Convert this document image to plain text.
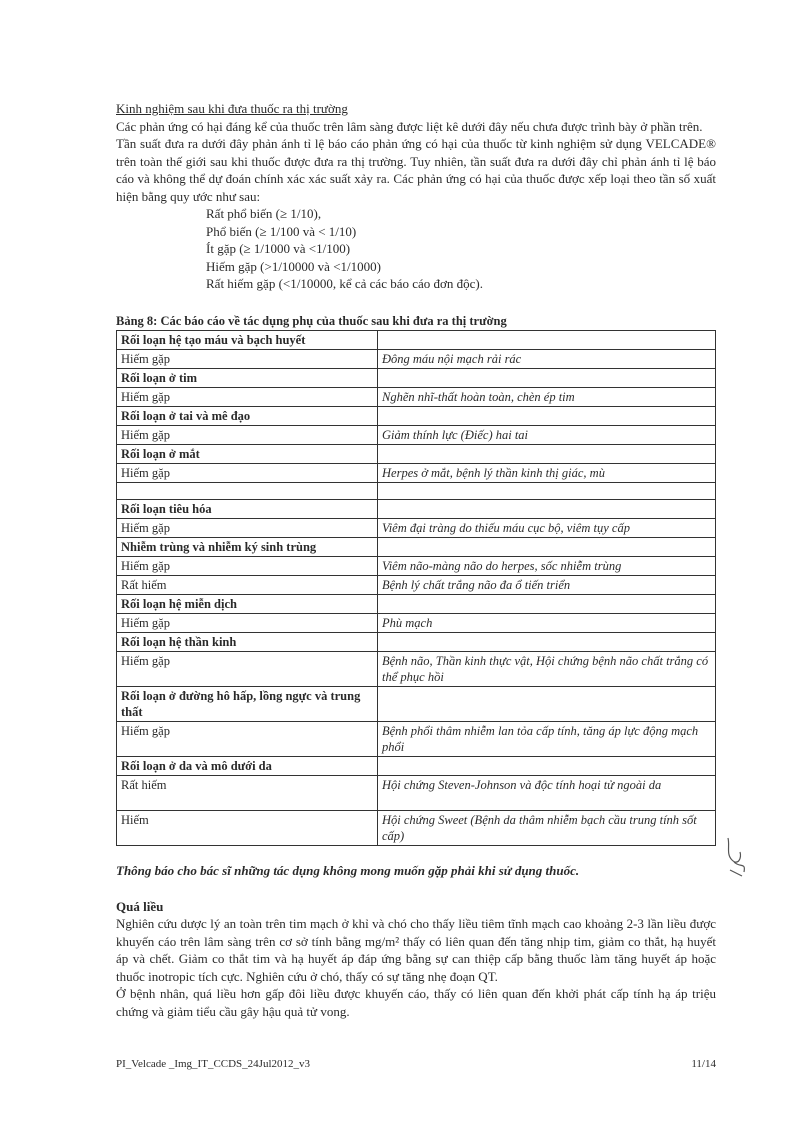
Kinh nghiệm sau khi đưa thuốc ra thị trường

Các phản ứng có hại đáng kể của thuốc trên lâm sàng được liệt kê dưới đây nếu chưa được trình bày ở phần trên.

Tần suất đưa ra dưới đây phản ánh tỉ lệ báo cáo phản ứng có hại của thuốc từ kinh nghiệm sử dụng VELCADE® trên toàn thế giới sau khi thuốc được đưa ra thị trường. Tuy nhiên, tần suất đưa ra dưới đây chỉ phản ánh tỉ lệ báo cáo và không thể dự đoán chính xác xác suất xảy ra. Các phản ứng có hại của thuốc được xếp loại theo tần số xuất hiện bằng quy ước như sau:

Rất phổ biến (≥ 1/10),
Phổ biến (≥ 1/100 và < 1/10)
Ít gặp (≥ 1/1000 và <1/100)
Hiếm gặp (>1/10000 và <1/1000)
Rất hiếm gặp (<1/10000, kể cả các báo cáo đơn độc).
Bảng 8: Các báo cáo về tác dụng phụ của thuốc sau khi đưa ra thị trường
Rối loạn hệ tạo máu và bạch huyết	
Hiếm gặp	Đông máu nội mạch rải rác
Rối loạn ở tim	
Hiếm gặp	Nghẽn nhĩ-thất hoàn toàn, chèn ép tim
Rối loạn ở tai và mê đạo	
Hiếm gặp	Giảm thính lực (Điếc) hai tai
Rối loạn ở mắt	
Hiếm gặp	Herpes ở mắt, bệnh lý thần kinh thị giác, mù

Rối loạn tiêu hóa	
Hiếm gặp	Viêm đại tràng do thiếu máu cục bộ, viêm tụy cấp
Nhiễm trùng và nhiễm ký sinh trùng	
Hiếm gặp	Viêm não-màng não do herpes, sốc nhiễm trùng
Rất hiếm	Bệnh lý chất trắng não đa ổ tiến triển
Rối loạn hệ miễn dịch	
Hiếm gặp	Phù mạch
Rối loạn hệ thần kinh	
Hiếm gặp	Bệnh não, Thần kinh thực vật, Hội chứng bệnh não chất trắng có thể phục hồi
Rối loạn ở đường hô hấp, lồng ngực và trung thất	
Hiếm gặp	Bệnh phổi thâm nhiễm lan tỏa cấp tính, tăng áp lực động mạch phổi
Rối loạn ở da và mô dưới da	
Rất hiếm	Hội chứng Steven-Johnson và độc tính hoại tử ngoài da
Hiếm	Hội chứng Sweet (Bệnh da thâm nhiễm bạch cầu trung tính sốt cấp)
Thông báo cho bác sĩ những tác dụng không mong muốn gặp phải khi sử dụng thuốc.
Quá liều

Nghiên cứu dược lý an toàn trên tim mạch ở khỉ và chó cho thấy liều tiêm tĩnh mạch cao khoảng 2-3 lần liều được khuyến cáo trên lâm sàng trên cơ sở tính bằng mg/m² thấy có liên quan đến tăng nhịp tim, giảm co thắt, hạ huyết áp và chết. Giảm co thắt tim và hạ huyết áp đáp ứng bằng sự can thiệp cấp bằng thuốc làm tăng huyết áp hoặc thuốc inotropic tích cực. Nghiên cứu ở chó, thấy có sự tăng nhẹ đoạn QT.

Ở bệnh nhân, quá liều hơn gấp đôi liều được khuyến cáo, thấy có liên quan đến khởi phát cấp tính hạ áp triệu chứng và giảm tiểu cầu gây hậu quả tử vong.

PI_Velcade _Img_IT_CCDS_24Jul2012_v3	11/14
